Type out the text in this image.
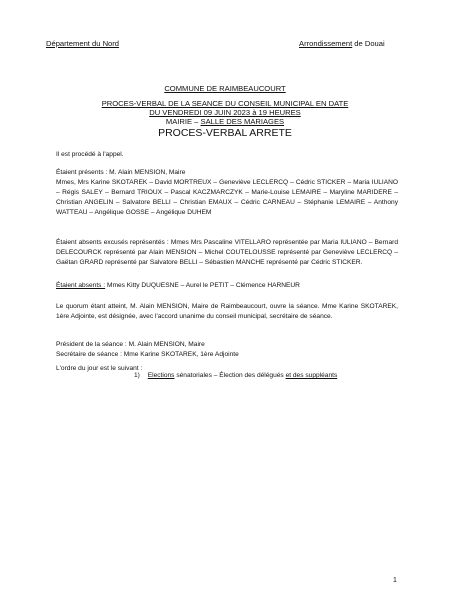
Département du Nord	Arrondissement de Douai
COMMUNE DE RAIMBEAUCOURT
PROCES-VERBAL DE LA SEANCE DU CONSEIL MUNICIPAL EN DATE
DU VENDREDI 09 JUIN 2023 à 19 HEURES
MAIRIE – SALLE DES MARIAGES
PROCES-VERBAL ARRETE
Il est procédé à l'appel.
Étaient présents : M. Alain MENSION, Maire
Mmes, Mrs Karine SKOTAREK – David MORTREUX – Geneviève LECLERCQ – Cédric STICKER – Maria IULIANO – Régis SALEY – Bernard TRIOUX – Pascal KACZMARCZYK – Marie-Louise LEMAIRE – Maryline MARIDERE – Christian ANGELIN – Salvatore BELLI – Christian EMAUX – Cédric CARNEAU – Stéphanie LEMAIRE – Anthony WATTEAU – Angélique GOSSE – Angélique DUHEM
Étaient absents excusés représentés : Mmes Mrs Pascaline VITELLARO représentée par Maria IULIANO – Bernard DELECOURCK représenté par Alain MENSION – Michel COUTELOUSSE représenté par Geneviève LECLERCQ – Gaëtan GRARD représenté par Salvatore BELLI – Sébastien MANCHE représenté par Cédric STICKER.
Étaient absents : Mmes Kitty DUQUESNE – Aurel le PETIT – Clémence HARNEUR
Le quorum étant atteint, M. Alain MENSION, Maire de Raimbeaucourt, ouvre la séance. Mme Karine SKOTAREK, 1ère Adjointe, est désignée, avec l'accord unanime du conseil municipal, secrétaire de séance.
Président de la séance : M. Alain MENSION, Maire
Secrétaire de séance : Mme Karine SKOTAREK, 1ère Adjointe
L'ordre du jour est le suivant :
1) Elections sénatoriales – Élection des délégués et des suppléants
1
